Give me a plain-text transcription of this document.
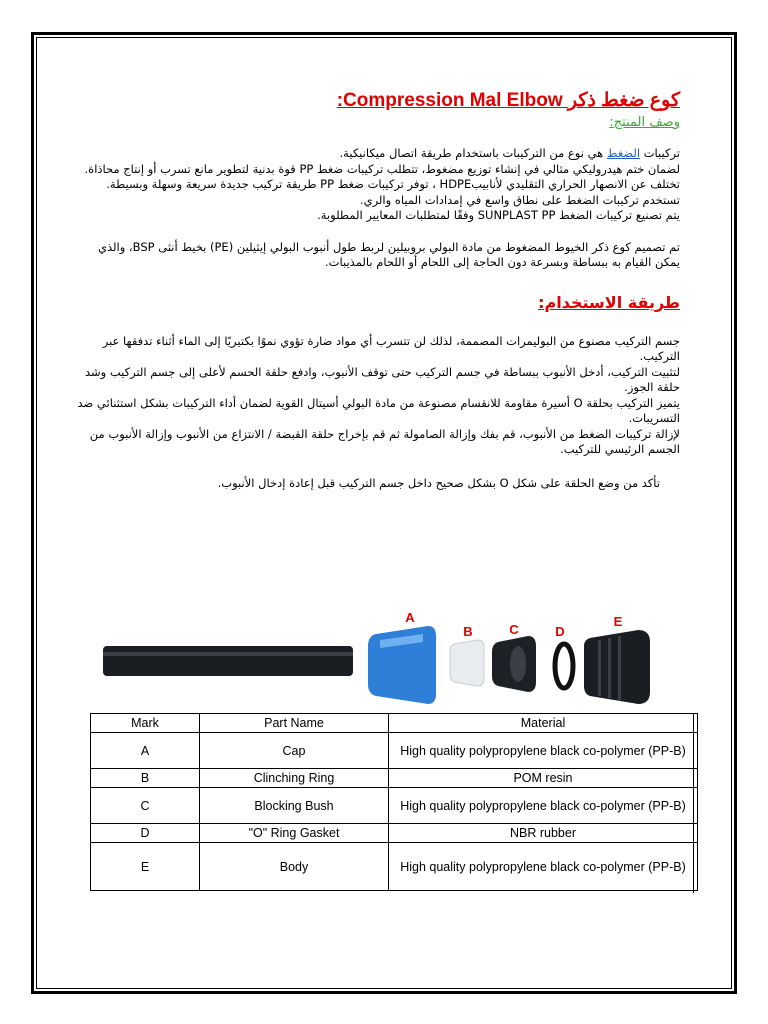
كوع ضغط ذكر Compression Mal Elbow:
وصف المنتج:

تركيبات الضغط هي نوع من التركيبات باستخدام طريقة اتصال ميكانيكية.

لضمان ختم هيدروليكي مثالي في إنشاء توزيع مضغوط، تتطلب تركيبات ضغط PP قوة بدنية لتطوير مانع تسرب أو إنتاج محاذاة.

تختلف عن الانصهار الحراري التقليدي لأنابيبHDPE ، توفر تركيبات ضغط PP طريقة تركيب جديدة سريعة وسهلة وبسيطة.

تستخدم تركيبات الضغط على نطاق واسع في إمدادات المياه والري.

يتم تصنيع تركيبات الضغط SUNPLAST PP وفقًا لمتطلبات المعايير المطلوبة.

تم تصميم كوع ذكر الخيوط المضغوط من مادة البولي بروبيلين لربط طول أنبوب البولي إيثيلين (PE) بخيط أنثى BSP، والذي يمكن القيام به ببساطة وبسرعة دون الحاجة إلى اللحام أو اللحام بالمذيبات.

طريقة الاستخدام:

جسم التركيب مصنوع من البوليمرات المصممة، لذلك لن تتسرب أي مواد ضارة تؤوي نموًا بكتيريًا إلى الماء أثناء تدفقها عبر التركيب.

لتثبيت التركيب، أدخل الأنبوب ببساطة في جسم التركيب حتى توقف الأنبوب، وادفع حلقة الحسم لأعلى إلى جسم التركيب وشد حلقة الجوز.

يتميز التركيب بحلقة O أسيرة مقاومة للانقسام مصنوعة من مادة البولي أسيتال القوية لضمان أداء التركيبات بشكل استثنائي ضد التسريبات.

لإزالة تركيبات الضغط من الأنبوب، قم بفك وإزالة الصامولة ثم قم بإخراج حلقة القبضة / الانتزاع من الأنبوب وإزالة الأنبوب من الجسم الرئيسي للتركيب.

تأكد من وضع الحلقة على شكل O بشكل صحيح داخل جسم التركيب قبل إعادة إدخال الأنبوب.

A
B	C	D
E
Mark	Part Name	Material
A	Cap	High quality polypropylene black co-polymer (PP-B)
B	Clinching Ring	POM resin
C	Blocking Bush	High quality polypropylene black co-polymer (PP-B)
D	"O" Ring Gasket	NBR rubber
E	Body	High quality polypropylene black co-polymer (PP-B)
